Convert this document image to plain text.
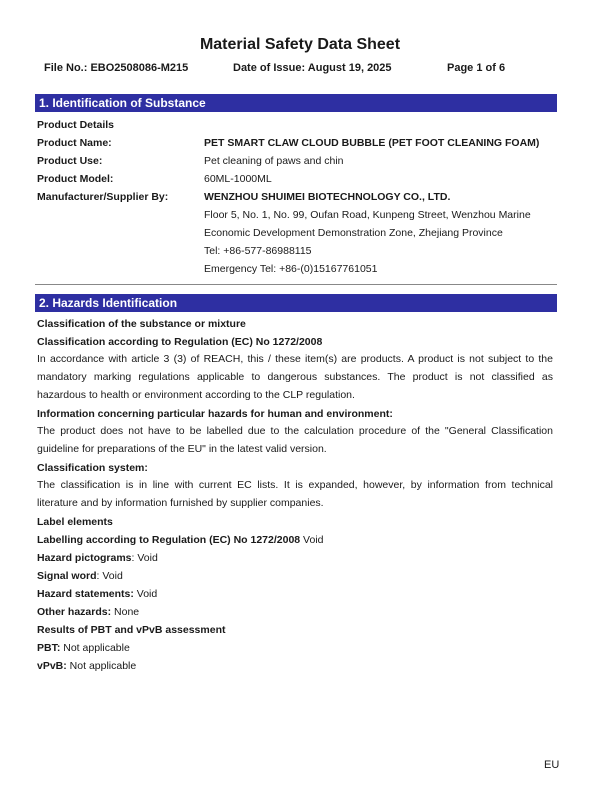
Material Safety Data Sheet
File No.: EBO2508086-M215	Date of Issue: August 19, 2025	Page 1 of 6
1. Identification of Substance
Product Details
Product Name:	PET SMART CLAW CLOUD BUBBLE (PET FOOT CLEANING FOAM)
Product Use:	Pet cleaning of paws and chin
Product Model:	60ML-1000ML
Manufacturer/Supplier By:	WENZHOU SHUIMEI BIOTECHNOLOGY CO., LTD.
Floor 5, No. 1, No. 99, Oufan Road, Kunpeng Street, Wenzhou Marine
Economic Development Demonstration Zone, Zhejiang Province
Tel: +86-577-86988115
Emergency Tel: +86-(0)15167761051
2. Hazards Identification
Classification of the substance or mixture
Classification according to Regulation (EC) No 1272/2008
In accordance with article 3 (3) of REACH, this / these item(s) are products. A product is not subject to the mandatory marking regulations applicable to dangerous substances. The product is not classified as hazardous to health or environment according to the CLP regulation.
Information concerning particular hazards for human and environment:
The product does not have to be labelled due to the calculation procedure of the "General Classification guideline for preparations of the EU" in the latest valid version.
Classification system:
The classification is in line with current EC lists. It is expanded, however, by information from technical literature and by information furnished by supplier companies.
Label elements
Labelling according to Regulation (EC) No 1272/2008 Void
Hazard pictograms: Void
Signal word: Void
Hazard statements: Void
Other hazards: None
Results of PBT and vPvB assessment
PBT: Not applicable
vPvB: Not applicable
EU
